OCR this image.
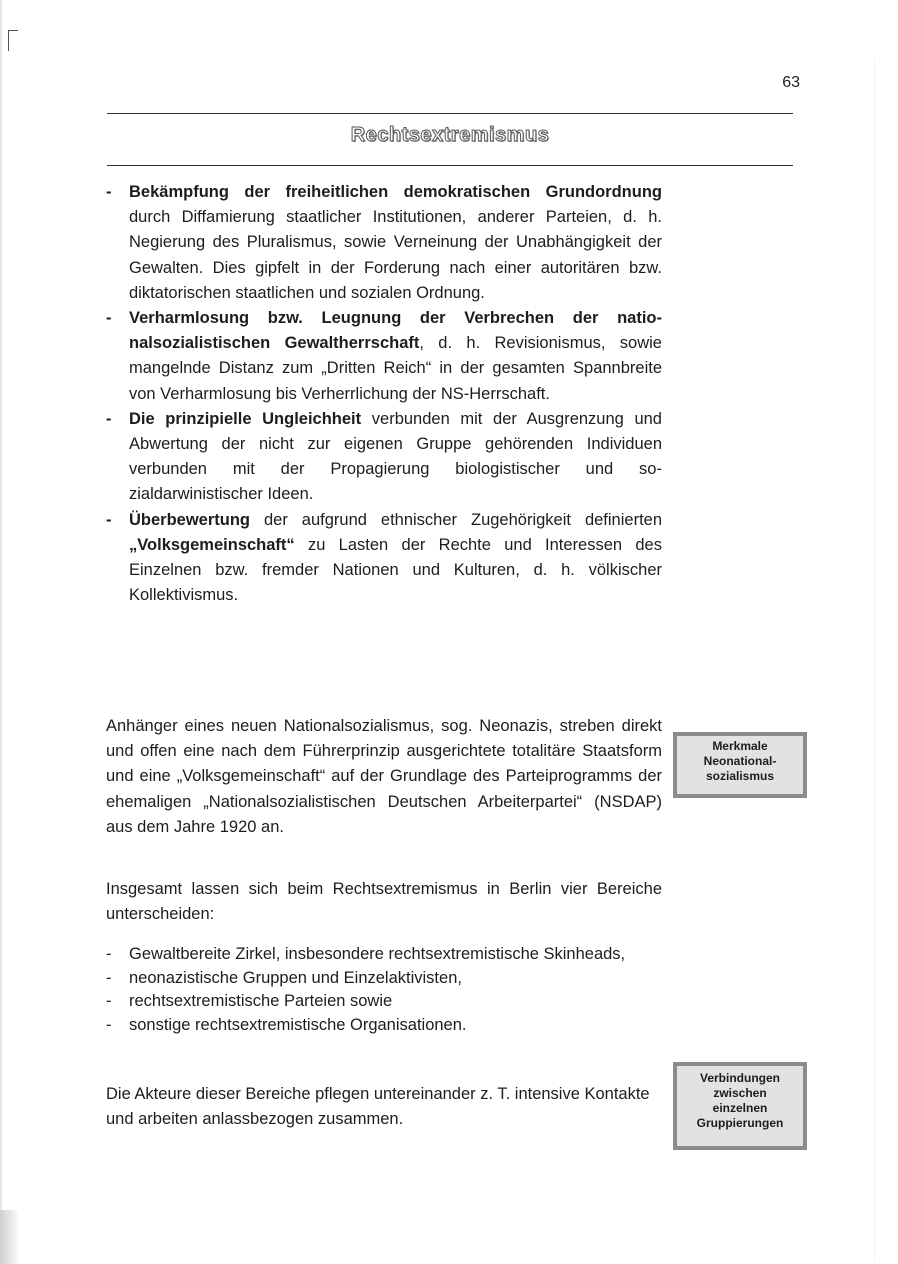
63
Rechtsextremismus
- Bekämpfung der freiheitlichen demokratischen Grundordnung durch Diffamierung staatlicher Institutionen, anderer Parteien, d. h. Negierung des Pluralismus, sowie Verneinung der Unabhängigkeit der Gewalten. Dies gipfelt in der Forderung nach einer autoritären bzw. diktatorischen staatlichen und sozialen Ordnung.
- Verharmlosung bzw. Leugnung der Verbrechen der nationalsozialistischen Gewaltherrschaft, d. h. Revisionismus, sowie mangelnde Distanz zum „Dritten Reich“ in der gesamten Spannbreite von Verharmlosung bis Verherrlichung der NS-Herrschaft.
- Die prinzipielle Ungleichheit verbunden mit der Ausgrenzung und Abwertung der nicht zur eigenen Gruppe gehörenden Individuen verbunden mit der Propagierung biologistischer und sozialdarwinistischer Ideen.
- Überbewertung der aufgrund ethnischer Zugehörigkeit definierten „Volksgemeinschaft“ zu Lasten der Rechte und Interessen des Einzelnen bzw. fremder Nationen und Kulturen, d. h. völkischer Kollektivismus.

Anhänger eines neuen Nationalsozialismus, sog. Neonazis, streben direkt und offen eine nach dem Führerprinzip ausgerichtete totalitäre Staatsform und eine „Volksgemeinschaft“ auf der Grundlage des Parteiprogramms der ehemaligen „Nationalsozialistischen Deutschen Arbeiterpartei“ (NSDAP) aus dem Jahre 1920 an.

Merkmale
Neonational-
sozialismus

Insgesamt lassen sich beim Rechtsextremismus in Berlin vier Bereiche unterscheiden:

- Gewaltbereite Zirkel, insbesondere rechtsextremistische Skinheads,
- neonazistische Gruppen und Einzelaktivisten,
- rechtsextremistische Parteien sowie
- sonstige rechtsextremistische Organisationen.

Die Akteure dieser Bereiche pflegen untereinander z. T. intensive Kontakte und arbeiten anlassbezogen zusammen.

Verbindungen
zwischen
einzelnen
Gruppierungen
